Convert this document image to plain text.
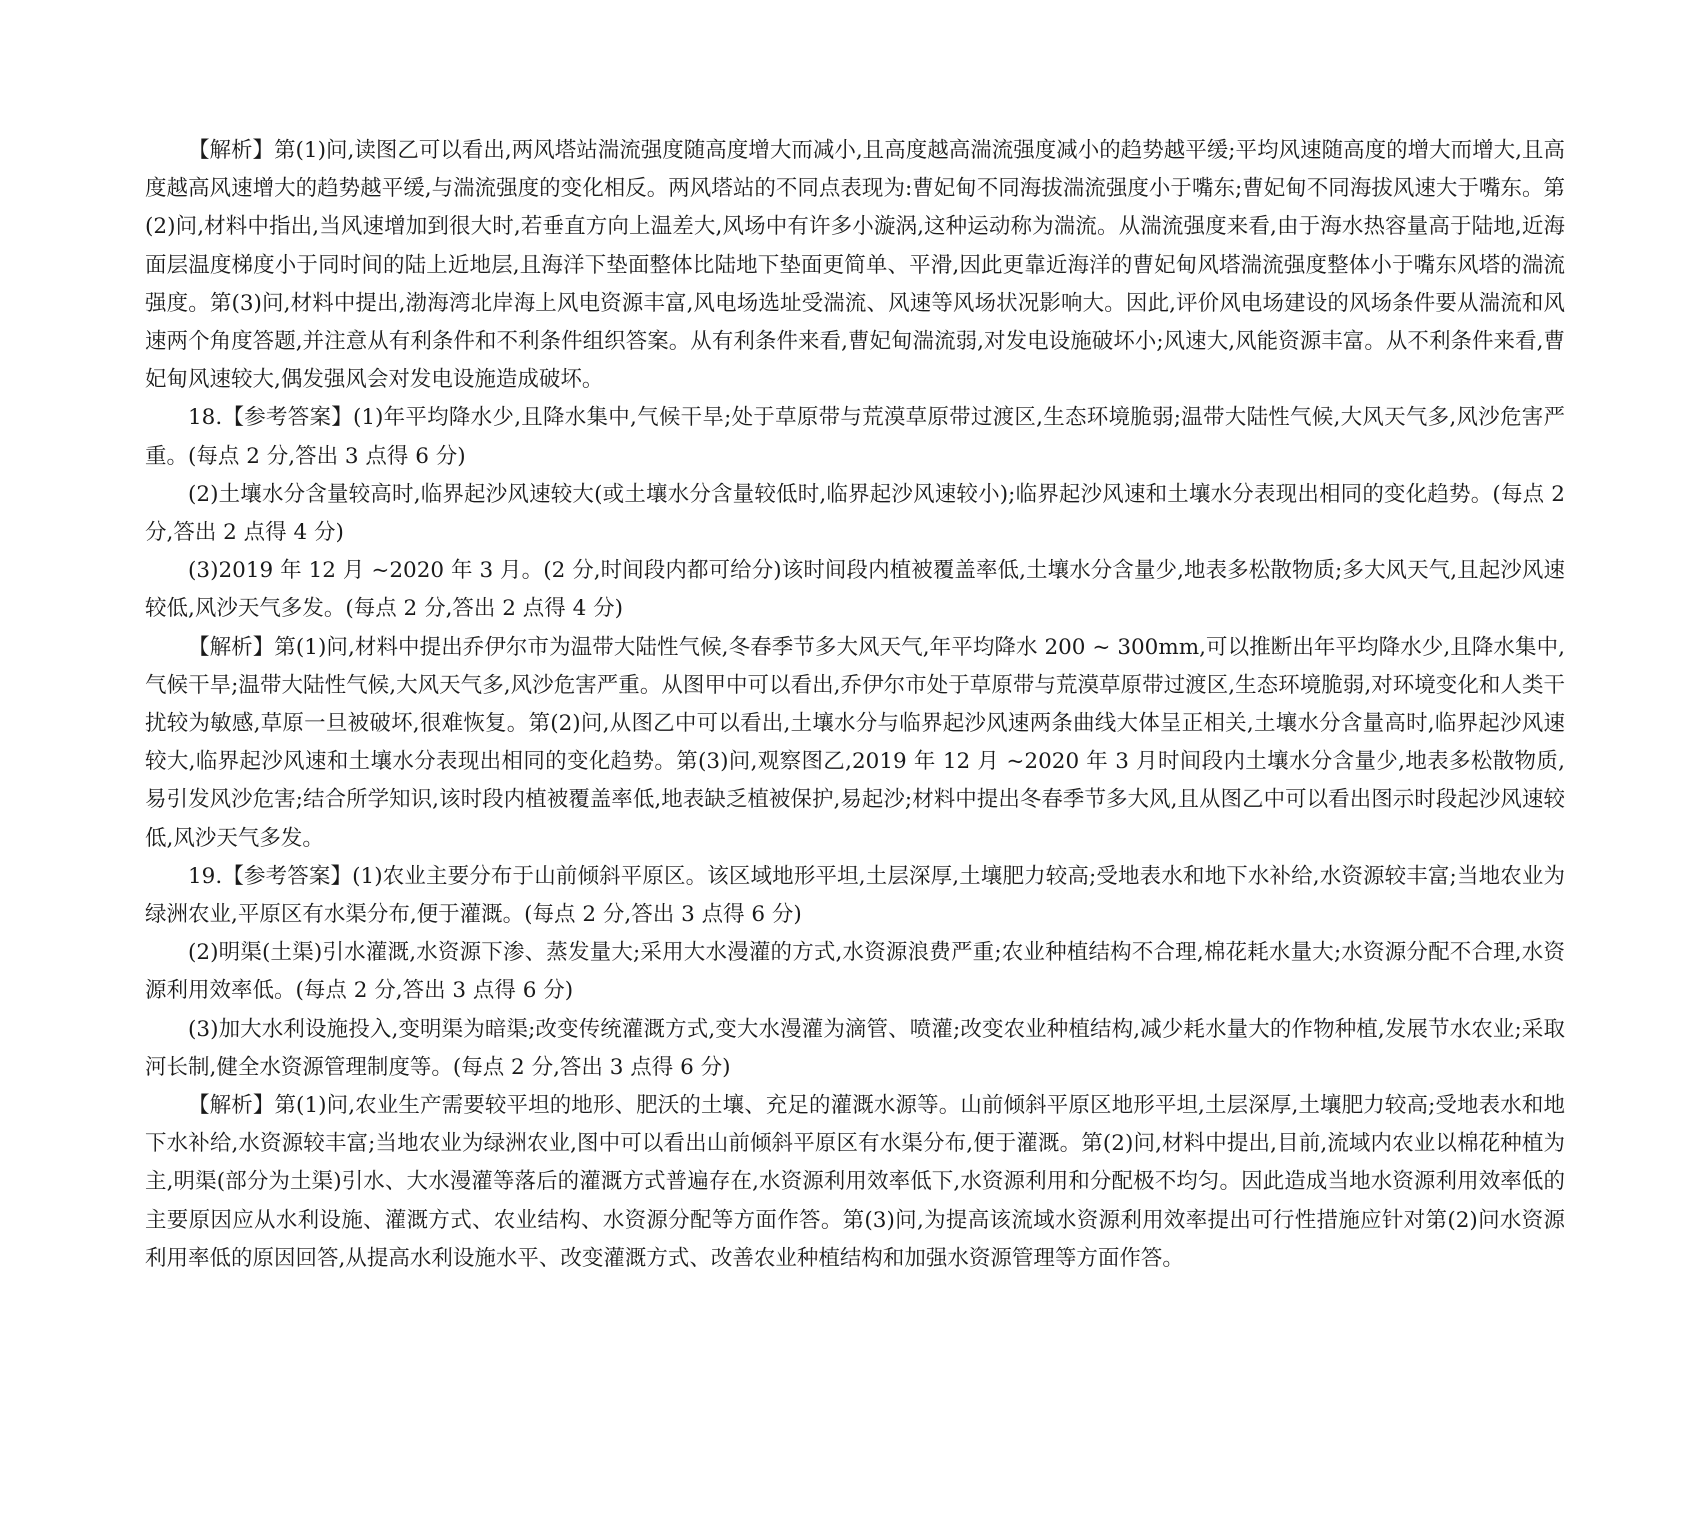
【解析】第(1)问,读图乙可以看出,两风塔站湍流强度随高度增大而减小,且高度越高湍流强度减小的趋势越平缓;平均风速随高度的增大而增大,且高度越高风速增大的趋势越平缓,与湍流强度的变化相反。两风塔站的不同点表现为:曹妃甸不同海拔湍流强度小于嘴东;曹妃甸不同海拔风速大于嘴东。第(2)问,材料中指出,当风速增加到很大时,若垂直方向上温差大,风场中有许多小漩涡,这种运动称为湍流。从湍流强度来看,由于海水热容量高于陆地,近海面层温度梯度小于同时间的陆上近地层,且海洋下垫面整体比陆地下垫面更简单、平滑,因此更靠近海洋的曹妃甸风塔湍流强度整体小于嘴东风塔的湍流强度。第(3)问,材料中提出,渤海湾北岸海上风电资源丰富,风电场选址受湍流、风速等风场状况影响大。因此,评价风电场建设的风场条件要从湍流和风速两个角度答题,并注意从有利条件和不利条件组织答案。从有利条件来看,曹妃甸湍流弱,对发电设施破坏小;风速大,风能资源丰富。从不利条件来看,曹妃甸风速较大,偶发强风会对发电设施造成破坏。

18.【参考答案】(1)年平均降水少,且降水集中,气候干旱;处于草原带与荒漠草原带过渡区,生态环境脆弱;温带大陆性气候,大风天气多,风沙危害严重。(每点 2 分,答出 3 点得 6 分)

(2)土壤水分含量较高时,临界起沙风速较大(或土壤水分含量较低时,临界起沙风速较小);临界起沙风速和土壤水分表现出相同的变化趋势。(每点 2 分,答出 2 点得 4 分)

(3)2019 年 12 月 ~2020 年 3 月。(2 分,时间段内都可给分)该时间段内植被覆盖率低,土壤水分含量少,地表多松散物质;多大风天气,且起沙风速较低,风沙天气多发。(每点 2 分,答出 2 点得 4 分)

【解析】第(1)问,材料中提出乔伊尔市为温带大陆性气候,冬春季节多大风天气,年平均降水 200 ~ 300mm,可以推断出年平均降水少,且降水集中,气候干旱;温带大陆性气候,大风天气多,风沙危害严重。从图甲中可以看出,乔伊尔市处于草原带与荒漠草原带过渡区,生态环境脆弱,对环境变化和人类干扰较为敏感,草原一旦被破坏,很难恢复。第(2)问,从图乙中可以看出,土壤水分与临界起沙风速两条曲线大体呈正相关,土壤水分含量高时,临界起沙风速较大,临界起沙风速和土壤水分表现出相同的变化趋势。第(3)问,观察图乙,2019 年 12 月 ~2020 年 3 月时间段内土壤水分含量少,地表多松散物质,易引发风沙危害;结合所学知识,该时段内植被覆盖率低,地表缺乏植被保护,易起沙;材料中提出冬春季节多大风,且从图乙中可以看出图示时段起沙风速较低,风沙天气多发。

19.【参考答案】(1)农业主要分布于山前倾斜平原区。该区域地形平坦,土层深厚,土壤肥力较高;受地表水和地下水补给,水资源较丰富;当地农业为绿洲农业,平原区有水渠分布,便于灌溉。(每点 2 分,答出 3 点得 6 分)

(2)明渠(土渠)引水灌溉,水资源下渗、蒸发量大;采用大水漫灌的方式,水资源浪费严重;农业种植结构不合理,棉花耗水量大;水资源分配不合理,水资源利用效率低。(每点 2 分,答出 3 点得 6 分)

(3)加大水利设施投入,变明渠为暗渠;改变传统灌溉方式,变大水漫灌为滴管、喷灌;改变农业种植结构,减少耗水量大的作物种植,发展节水农业;采取河长制,健全水资源管理制度等。(每点 2 分,答出 3 点得 6 分)

【解析】第(1)问,农业生产需要较平坦的地形、肥沃的土壤、充足的灌溉水源等。山前倾斜平原区地形平坦,土层深厚,土壤肥力较高;受地表水和地下水补给,水资源较丰富;当地农业为绿洲农业,图中可以看出山前倾斜平原区有水渠分布,便于灌溉。第(2)问,材料中提出,目前,流域内农业以棉花种植为主,明渠(部分为土渠)引水、大水漫灌等落后的灌溉方式普遍存在,水资源利用效率低下,水资源利用和分配极不均匀。因此造成当地水资源利用效率低的主要原因应从水利设施、灌溉方式、农业结构、水资源分配等方面作答。第(3)问,为提高该流域水资源利用效率提出可行性措施应针对第(2)问水资源利用率低的原因回答,从提高水利设施水平、改变灌溉方式、改善农业种植结构和加强水资源管理等方面作答。
